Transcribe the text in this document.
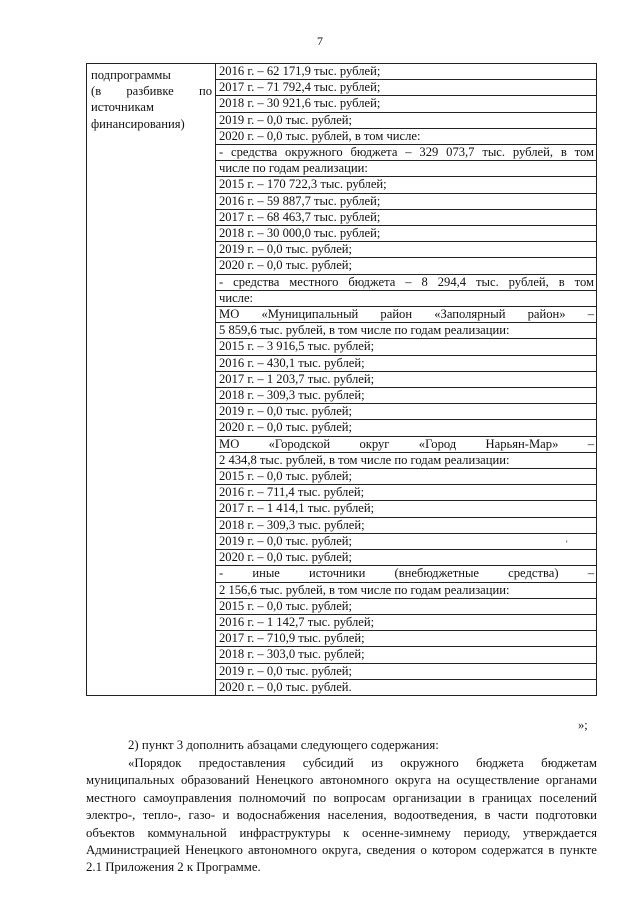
7
подпрограммы
(в разбивке по
источникам
финансирования)

2016 г. – 62 171,9 тыс. рублей;
2017 г. – 71 792,4 тыс. рублей;
2018 г. – 30 921,6 тыс. рублей;
2019 г. – 0,0 тыс. рублей;
2020 г. – 0,0 тыс. рублей, в том числе:
- средства окружного бюджета – 329 073,7 тыс. рублей, в том
числе по годам реализации:
2015 г. – 170 722,3 тыс. рублей;
2016 г. – 59 887,7 тыс. рублей;
2017 г. – 68 463,7 тыс. рублей;
2018 г. – 30 000,0 тыс. рублей;
2019 г. – 0,0 тыс. рублей;
2020 г. – 0,0 тыс. рублей;
- средства местного бюджета – 8 294,4 тыс. рублей, в том
числе:
МО «Муниципальный район «Заполярный район» –
5 859,6 тыс. рублей, в том числе по годам реализации:
2015 г. – 3 916,5 тыс. рублей;
2016 г. – 430,1 тыс. рублей;
2017 г. – 1 203,7 тыс. рублей;
2018 г. – 309,3 тыс. рублей;
2019 г. – 0,0 тыс. рублей;
2020 г. – 0,0 тыс. рублей;
МО «Городской округ «Город Нарьян-Мар» –
2 434,8 тыс. рублей, в том числе по годам реализации:
2015 г. – 0,0 тыс. рублей;
2016 г. – 711,4 тыс. рублей;
2017 г. – 1 414,1 тыс. рублей;
2018 г. – 309,3 тыс. рублей;
2019 г. – 0,0 тыс. рублей;
2020 г. – 0,0 тыс. рублей;
- иные источники (внебюджетные средства) –
2 156,6 тыс. рублей, в том числе по годам реализации:
2015 г. – 0,0 тыс. рублей;
2016 г. – 1 142,7 тыс. рублей;
2017 г. – 710,9 тыс. рублей;
2018 г. – 303,0 тыс. рублей;
2019 г. – 0,0 тыс. рублей;
2020 г. – 0,0 тыс. рублей.
'
»;
2) пункт 3 дополнить абзацами следующего содержания:
«Порядок предоставления субсидий из окружного бюджета бюджетам муниципальных образований Ненецкого автономного округа на осуществление органами местного самоуправления полномочий по вопросам организации в границах поселений электро-, тепло-, газо- и водоснабжения населения, водоотведения, в части подготовки объектов коммунальной инфраструктуры к осенне-зимнему периоду, утверждается Администрацией Ненецкого автономного округа, сведения о котором содержатся в пункте 2.1 Приложения 2 к Программе.
